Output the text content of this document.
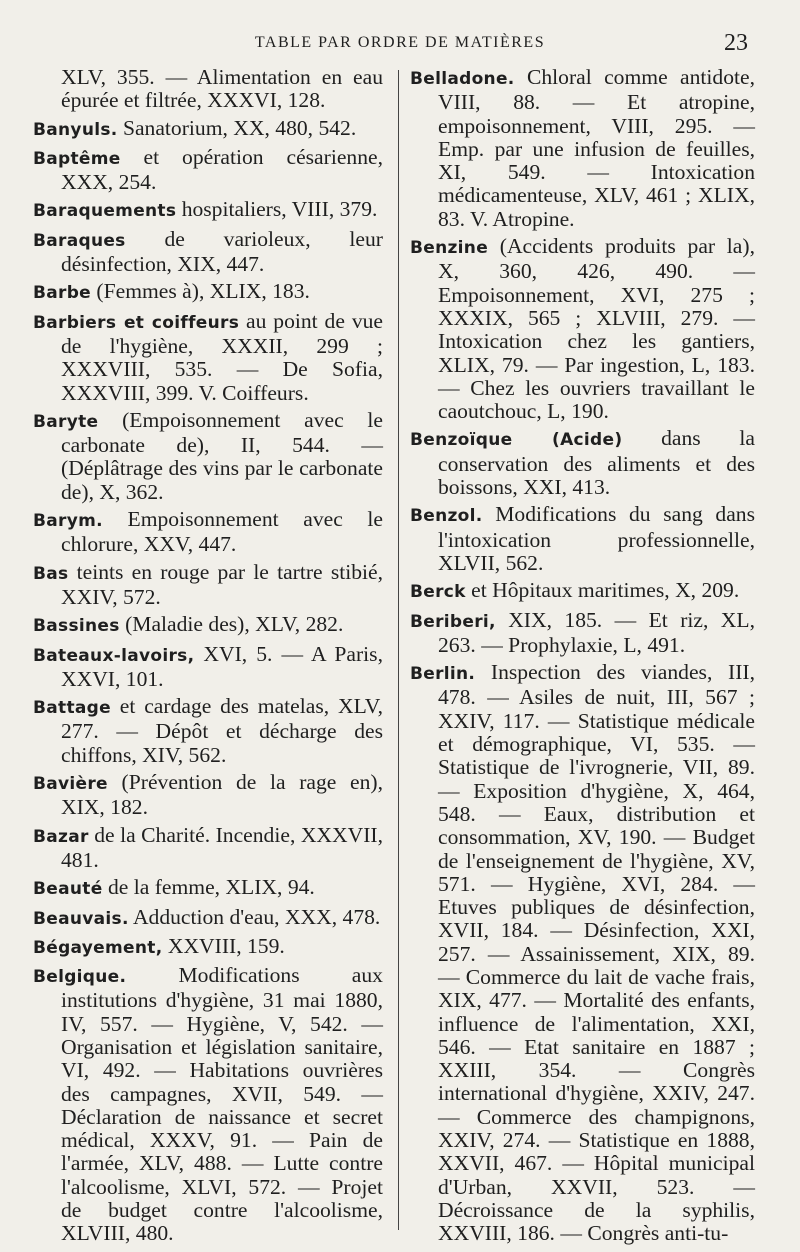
TABLE PAR ORDRE DE MATIÈRES	23

XLV, 355. — Alimentation en eau épurée et filtrée, XXXVI, 128.

Banyuls. Sanatorium, XX, 480, 542.

Baptême et opération césarienne, XXX, 254.

Baraquements hospitaliers, VIII, 379.

Baraques de varioleux, leur désinfection, XIX, 447.

Barbe (Femmes à), XLIX, 183.

Barbiers et coiffeurs au point de vue de l'hygiène, XXXII, 299 ; XXXVIII, 535. — De Sofia, XXXVIII, 399. V. Coiffeurs.

Baryte (Empoisonnement avec le carbonate de), II, 544. — (Déplâtrage des vins par le carbonate de), X, 362.

Barym. Empoisonnement avec le chlorure, XXV, 447.

Bas teints en rouge par le tartre stibié, XXIV, 572.

Bassines (Maladie des), XLV, 282.

Bateaux-lavoirs, XVI, 5. — A Paris, XXVI, 101.

Battage et cardage des matelas, XLV, 277. — Dépôt et décharge des chiffons, XIV, 562.

Bavière (Prévention de la rage en), XIX, 182.

Bazar de la Charité. Incendie, XXXVII, 481.

Beauté de la femme, XLIX, 94.

Beauvais. Adduction d'eau, XXX, 478.

Bégayement, XXVIII, 159.

Belgique. Modifications aux institutions d'hygiène, 31 mai 1880, IV, 557. — Hygiène, V, 542. — Organisation et législation sanitaire, VI, 492. — Habitations ouvrières des campagnes, XVII, 549. — Déclaration de naissance et secret médical, XXXV, 91. — Pain de l'armée, XLV, 488. — Lutte contre l'alcoolisme, XLVI, 572. — Projet de budget contre l'alcoolisme, XLVIII, 480.

Belladone. Chloral comme antidote, VIII, 88. — Et atropine, empoisonnement, VIII, 295. — Emp. par une infusion de feuilles, XI, 549. — Intoxication médicamenteuse, XLV, 461 ; XLIX, 83. V. Atropine.

Benzine (Accidents produits par la), X, 360, 426, 490. — Empoisonnement, XVI, 275 ; XXXIX, 565 ; XLVIII, 279. — Intoxication chez les gantiers, XLIX, 79. — Par ingestion, L, 183. — Chez les ouvriers travaillant le caoutchouc, L, 190.

Benzoïque (Acide) dans la conservation des aliments et des boissons, XXI, 413.

Benzol. Modifications du sang dans l'intoxication professionnelle, XLVII, 562.

Berck et Hôpitaux maritimes, X, 209.

Beriberi, XIX, 185. — Et riz, XL, 263. — Prophylaxie, L, 491.

Berlin. Inspection des viandes, III, 478. — Asiles de nuit, III, 567 ; XXIV, 117. — Statistique médicale et démographique, VI, 535. — Statistique de l'ivrognerie, VII, 89. — Exposition d'hygiène, X, 464, 548. — Eaux, distribution et consommation, XV, 190. — Budget de l'enseignement de l'hygiène, XV, 571. — Hygiène, XVI, 284. — Etuves publiques de désinfection, XVII, 184. — Désinfection, XXI, 257. — Assainissement, XIX, 89. — Commerce du lait de vache frais, XIX, 477. — Mortalité des enfants, influence de l'alimentation, XXI, 546. — Etat sanitaire en 1887 ; XXIII, 354. — Congrès international d'hygiène, XXIV, 247. — Commerce des champignons, XXIV, 274. — Statistique en 1888, XXVII, 467. — Hôpital municipal d'Urban, XXVII, 523. — Décroissance de la syphilis, XXVIII, 186. — Congrès anti-tu-
